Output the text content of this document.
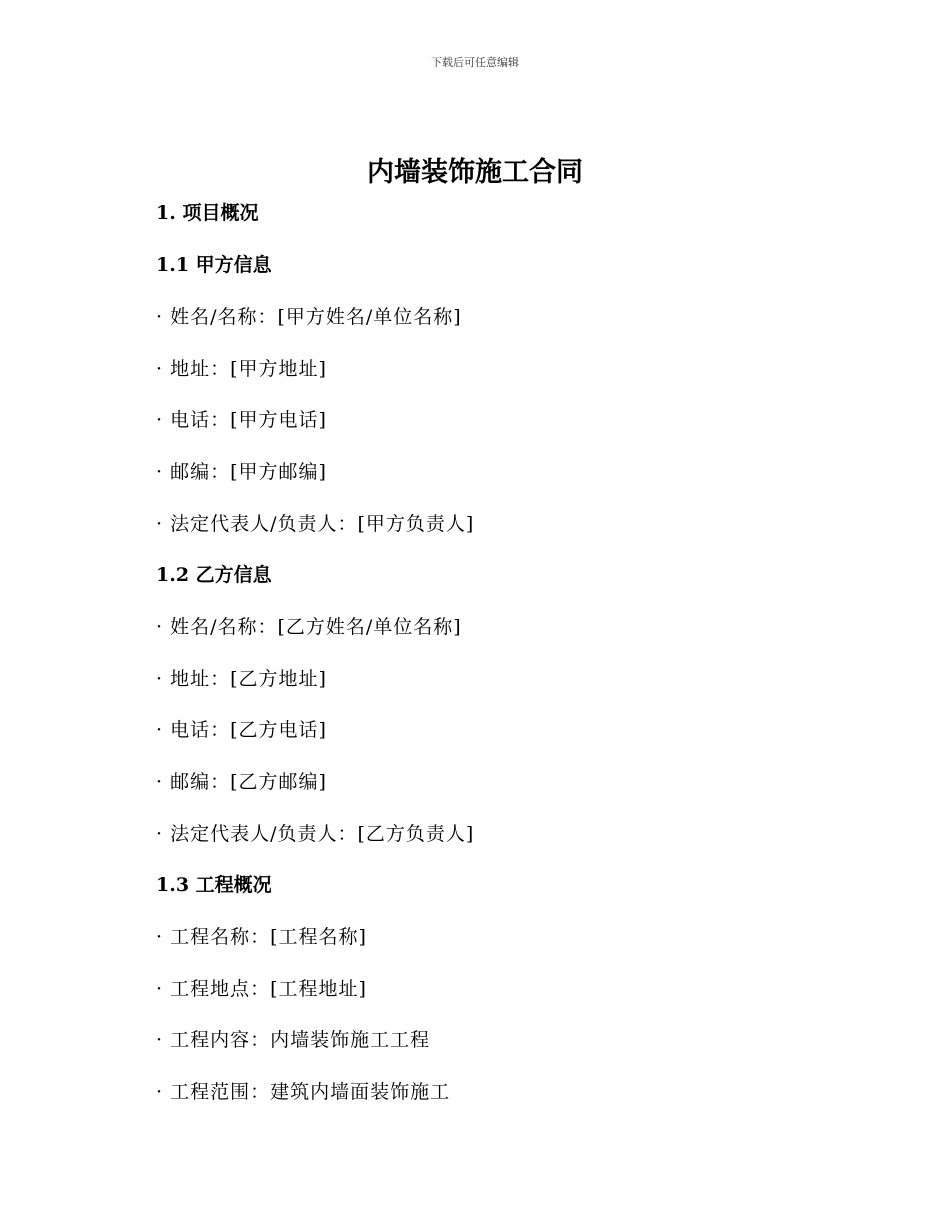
下载后可任意编辑
内墙装饰施工合同
1. 项目概况
1.1 甲方信息
· 姓名/名称：[甲方姓名/单位名称]
· 地址：[甲方地址]
· 电话：[甲方电话]
· 邮编：[甲方邮编]
· 法定代表人/负责人：[甲方负责人]
1.2 乙方信息
· 姓名/名称：[乙方姓名/单位名称]
· 地址：[乙方地址]
· 电话：[乙方电话]
· 邮编：[乙方邮编]
· 法定代表人/负责人：[乙方负责人]
1.3 工程概况
· 工程名称：[工程名称]
· 工程地点：[工程地址]
· 工程内容：内墙装饰施工工程
· 工程范围：建筑内墙面装饰施工
